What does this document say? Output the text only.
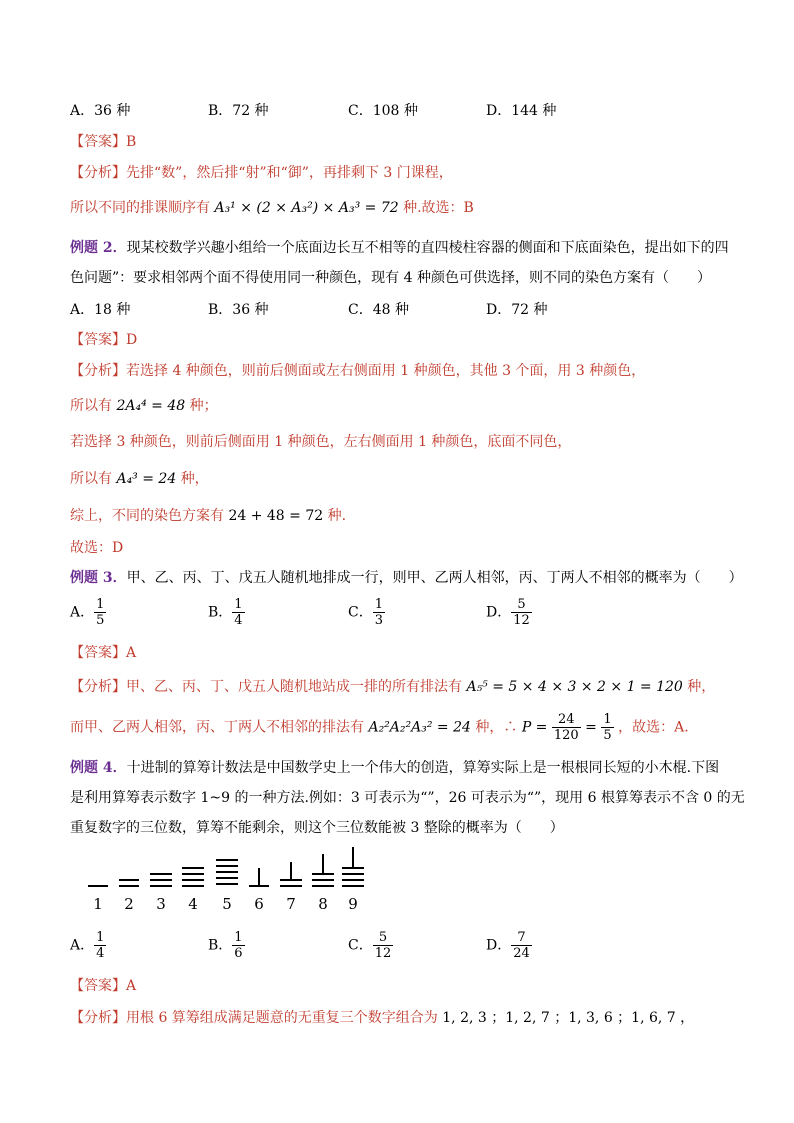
A．36 种	B．72 种	C．108 种	D．144 种
【答案】B
【分析】先排“数”，然后排“射”和“御”，再排剩下 3 门课程，
所以不同的排课顺序有 A₃¹ × (2 × A₃²) × A₃³ = 72 种.故选：B
例题 2．现某校数学兴趣小组给一个底面边长互不相等的直四棱柱容器的侧面和下底面染色，提出如下的四
色问题”：要求相邻两个面不得使用同一种颜色，现有 4 种颜色可供选择，则不同的染色方案有（　　）
A．18 种	B．36 种	C．48 种	D．72 种
【答案】D
【分析】若选择 4 种颜色，则前后侧面或左右侧面用 1 种颜色，其他 3 个面，用 3 种颜色，
所以有 2A₄⁴ = 48 种；
若选择 3 种颜色，则前后侧面用 1 种颜色，左右侧面用 1 种颜色，底面不同色，
所以有 A₄³ = 24 种，
综上，不同的染色方案有 24 + 48 = 72 种.
故选：D
例题 3．甲、乙、丙、丁、戊五人随机地排成一行，则甲、乙两人相邻，丙、丁两人不相邻的概率为（　　）
A． $\frac{1}{5}$	B． $\frac{1}{4}$	C． $\frac{1}{3}$	D． $\frac{5}{12}$
【答案】A
【分析】甲、乙、丙、丁、戊五人随机地站成一排的所有排法有 A₅⁵ = 5 × 4 × 3 × 2 × 1 = 120 种，
而甲、乙两人相邻，丙、丁两人不相邻的排法有 A₂²A₂²A₃² = 24 种，∴ $P = \frac{24}{120} = \frac{1}{5}$ ，故选：A.
例题 4．十进制的算筹计数法是中国数学史上一个伟大的创造，算筹实际上是一根根同长短的小木棍.下图
是利用算筹表示数字 1~9 的一种方法.例如：3 可表示为“”，26 可表示为“”，现用 6 根算筹表示不含 0 的无
重复数字的三位数，算筹不能剩余，则这个三位数能被 3 整除的概率为（　　）
1 2 3 4 5 6 7 8 9
A． $\frac{1}{4}$	B． $\frac{1}{6}$	C． $\frac{5}{12}$	D． $\frac{7}{24}$
【答案】A
【分析】用根 6 算筹组成满足题意的无重复三个数字组合为 1, 2, 3 ；1, 2, 7 ；1, 3, 6 ；1, 6, 7 ，
